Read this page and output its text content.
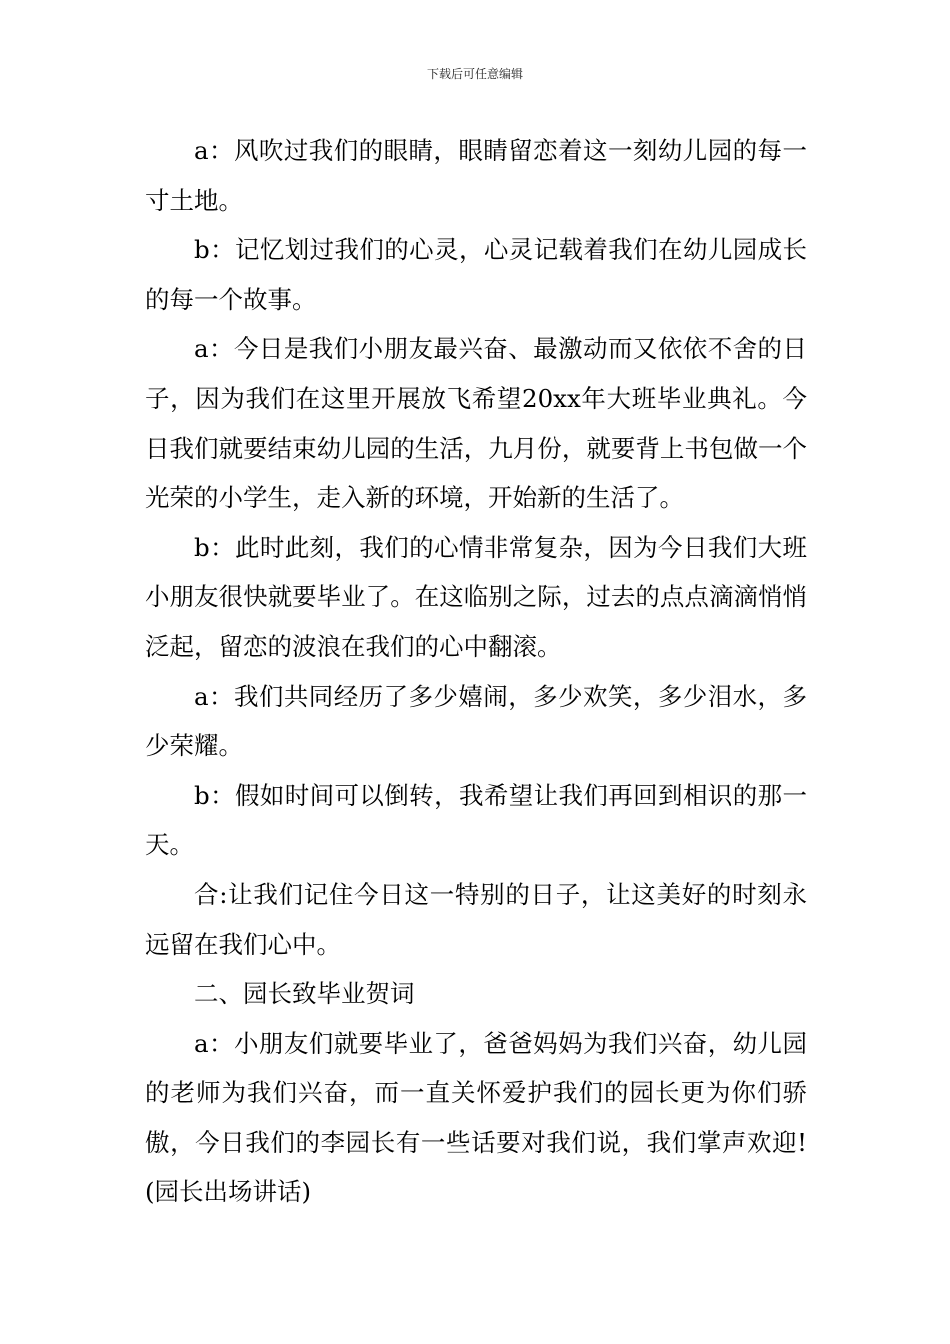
下载后可任意编辑

a：风吹过我们的眼睛，眼睛留恋着这一刻幼儿园的每一寸土地。

b：记忆划过我们的心灵，心灵记载着我们在幼儿园成长的每一个故事。

a：今日是我们小朋友最兴奋、最激动而又依依不舍的日子，因为我们在这里开展放飞希望20xx年大班毕业典礼。今日我们就要结束幼儿园的生活，九月份，就要背上书包做一个光荣的小学生，走入新的环境，开始新的生活了。

b：此时此刻，我们的心情非常复杂，因为今日我们大班小朋友很快就要毕业了。在这临别之际，过去的点点滴滴悄悄泛起，留恋的波浪在我们的心中翻滚。

a：我们共同经历了多少嬉闹，多少欢笑，多少泪水，多少荣耀。

b：假如时间可以倒转，我希望让我们再回到相识的那一天。

合:让我们记住今日这一特别的日子，让这美好的时刻永远留在我们心中。

二、园长致毕业贺词

a：小朋友们就要毕业了，爸爸妈妈为我们兴奋，幼儿园的老师为我们兴奋，而一直关怀爱护我们的园长更为你们骄傲，今日我们的李园长有一些话要对我们说，我们掌声欢迎!(园长出场讲话)
